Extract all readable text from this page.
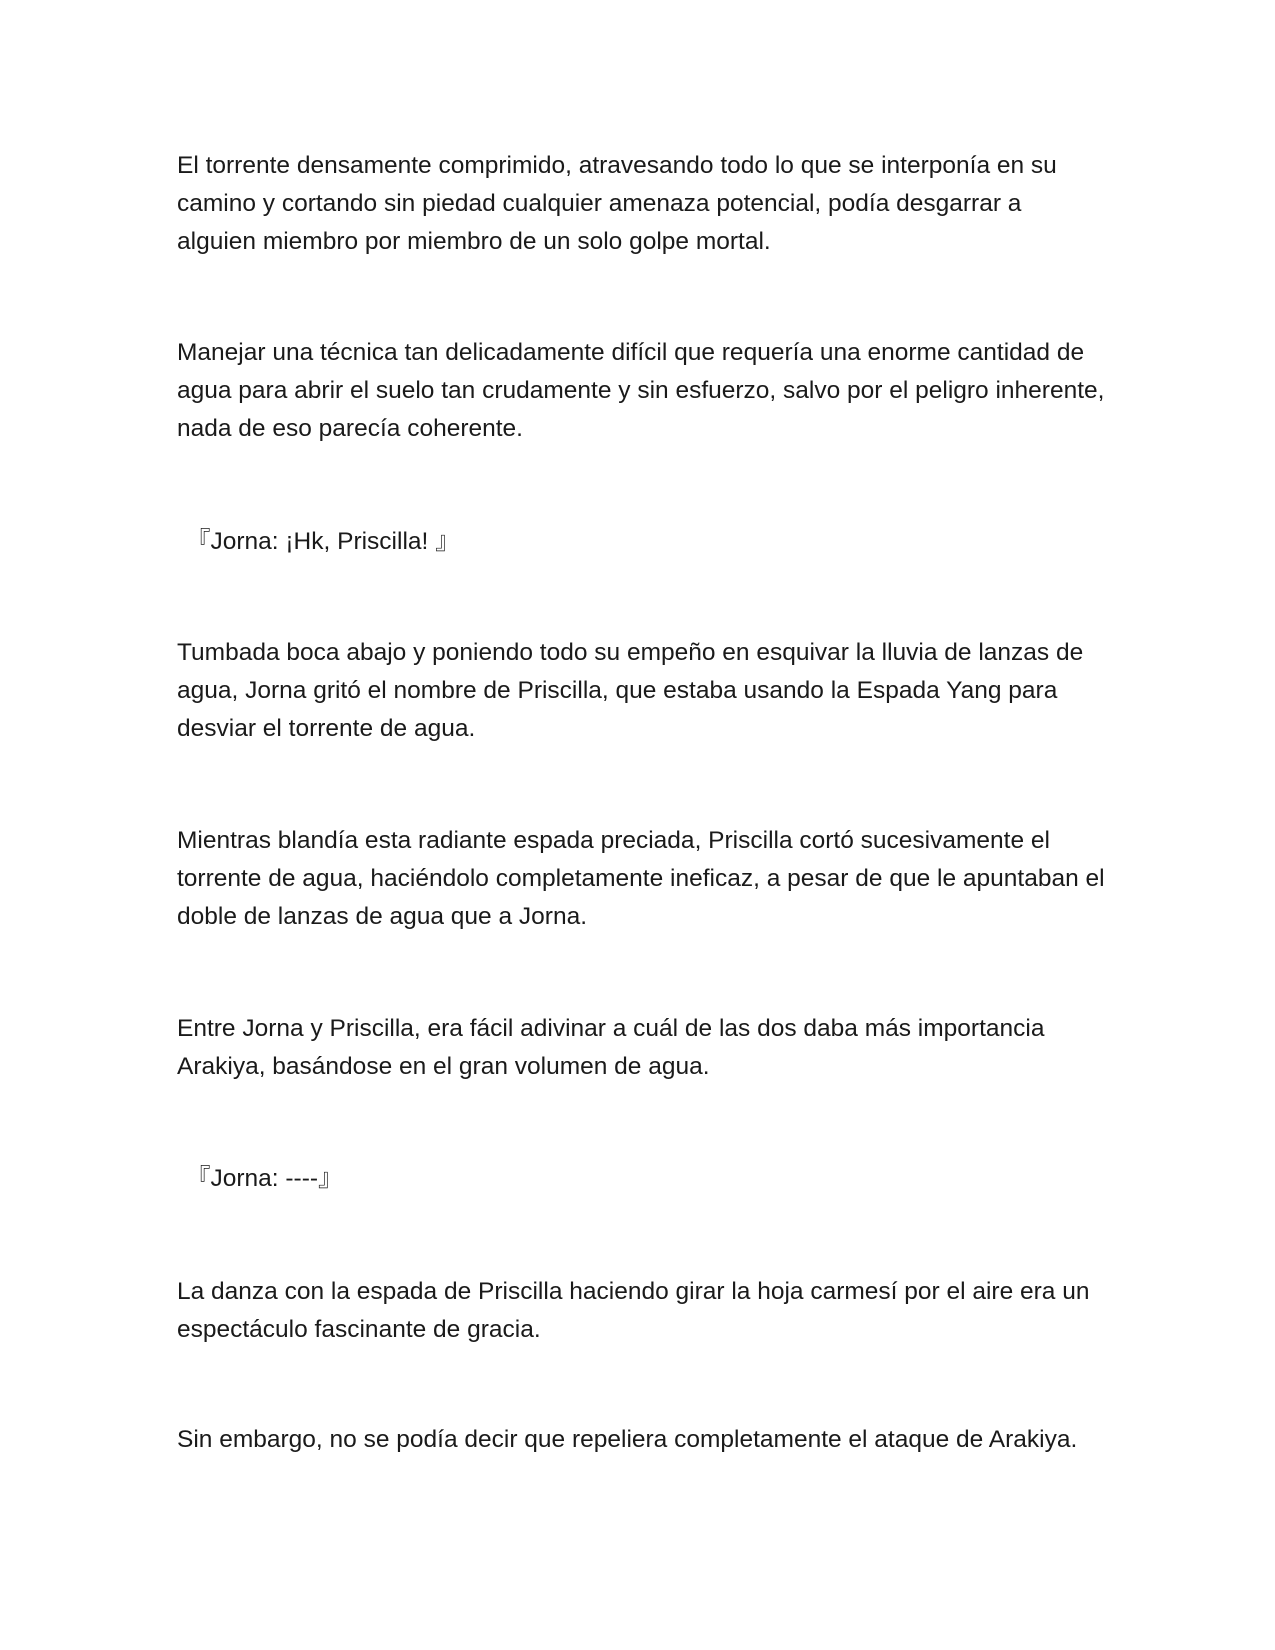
El torrente densamente comprimido, atravesando todo lo que se interponía en su camino y cortando sin piedad cualquier amenaza potencial, podía desgarrar a alguien miembro por miembro de un solo golpe mortal.

Manejar una técnica tan delicadamente difícil que requería una enorme cantidad de agua para abrir el suelo tan crudamente y sin esfuerzo, salvo por el peligro inherente, nada de eso parecía coherente.

『Jorna: ¡Hk, Priscilla! 』

Tumbada boca abajo y poniendo todo su empeño en esquivar la lluvia de lanzas de agua, Jorna gritó el nombre de Priscilla, que estaba usando la Espada Yang para desviar el torrente de agua.

Mientras blandía esta radiante espada preciada, Priscilla cortó sucesivamente el torrente de agua, haciéndolo completamente ineficaz, a pesar de que le apuntaban el doble de lanzas de agua que a Jorna.

Entre Jorna y Priscilla, era fácil adivinar a cuál de las dos daba más importancia Arakiya, basándose en el gran volumen de agua.

『Jorna: ----』

La danza con la espada de Priscilla haciendo girar la hoja carmesí por el aire era un espectáculo fascinante de gracia.

Sin embargo, no se podía decir que repeliera completamente el ataque de Arakiya.
